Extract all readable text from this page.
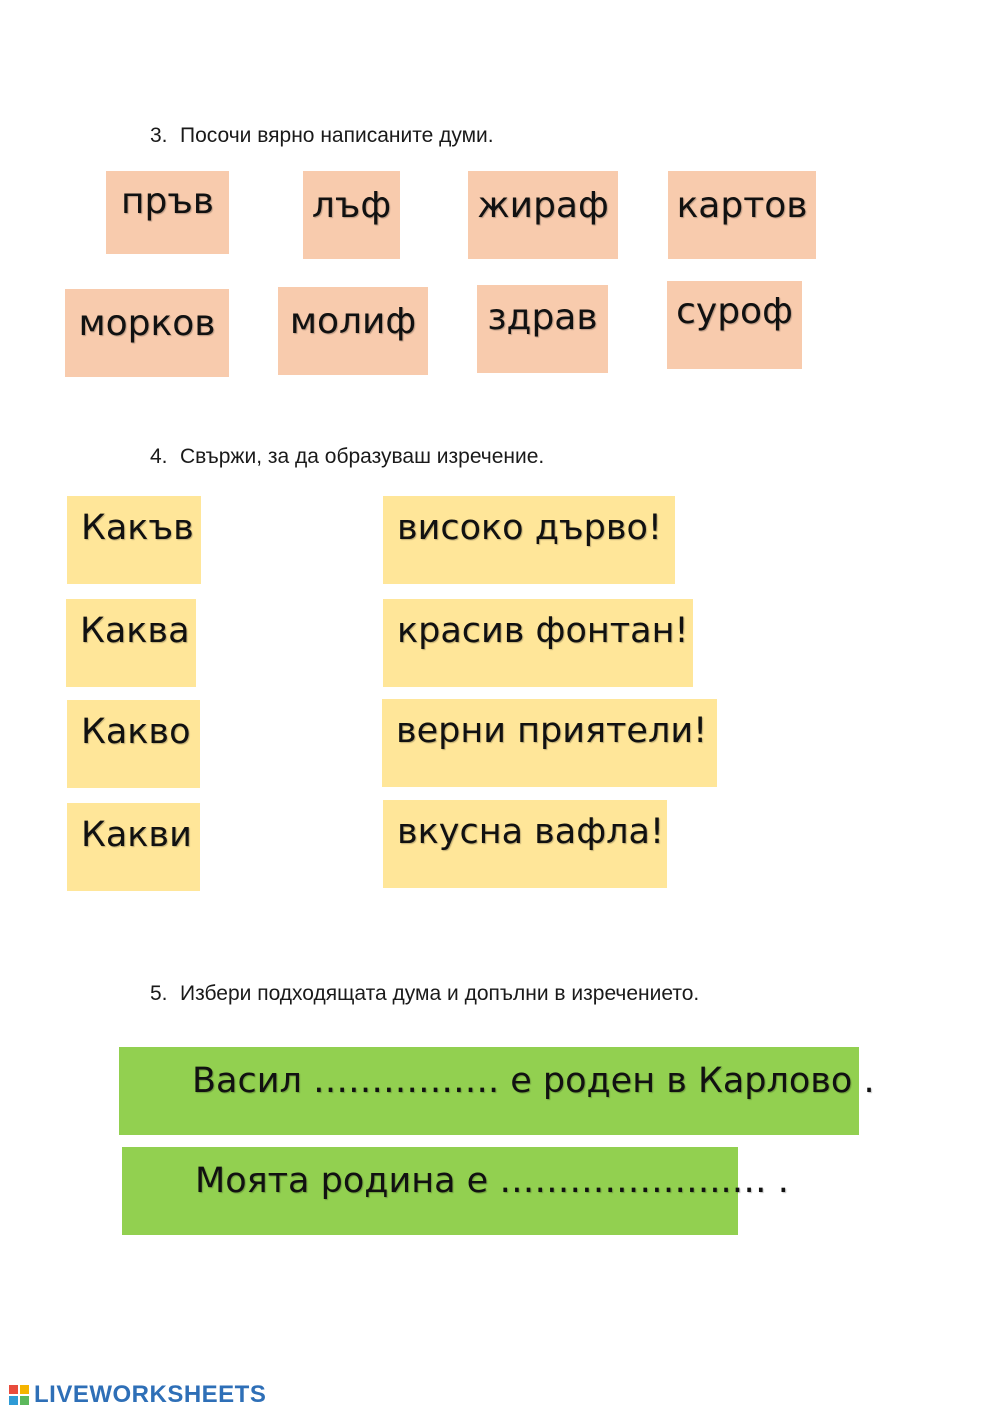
3. Посочи вярно написаните думи.
пръв	лъф жираф картов
морков	молиф	здрав суроф
4. Свържи, за да образуваш изречение.
Какъв
Каква
Какво
Какви
високо дърво!
красив фонтан!
верни приятели!
вкусна вафла!
5. Избери подходящата дума и допълни в изречението.
Васил ……………. е роден в Карлово .
Моята родина е ………………..… .
LIVEWORKSHEETS
